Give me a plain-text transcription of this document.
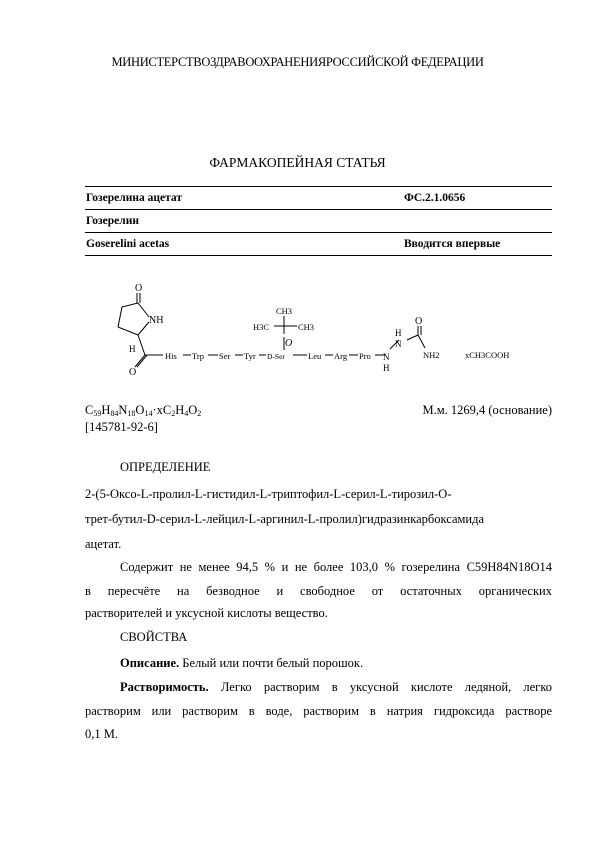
МИНИСТЕРСТВОЗДРАВООХРАНЕНИЯРОССИЙСКОЙ ФЕДЕРАЦИИ
ФАРМАКОПЕЙНАЯ СТАТЬЯ
Гозерелина ацетат	ФС.2.1.0656
Гозерелин
Goserelini acetas	Вводится впервые
O
NH
H
O
His Trp Ser Tyr D-Ser	Leu Arg Pro
H3C	CH3
CH3
O
H
N
N
H
O
NH2	xCH3COOH
$C_{59}H_{84}N_{18}O_{14}\cdot xC_2H_4O_2$	М.м. 1269,4 (основание)
[145781-92-6]
ОПРЕДЕЛЕНИЕ
2-(5-Оксо-L-пролил-L-гистидил-L-триптофил-L-серил-L-тирозил-O-
трет-бутил-D-серил-L-лейцил-L-аргинил-L-пролил)гидразинкарбоксамида
ацетат.
Содержит не менее 94,5 % и не более 103,0 % гозерелина C59H84N18O14
в пересчёте на безводное и свободное от остаточных органических
растворителей и уксусной кислоты вещество.
СВОЙСТВА
Описание. Белый или почти белый порошок.
Растворимость. Легко растворим в уксусной кислоте ледяной, легко
растворим или растворим в воде, растворим в натрия гидроксида растворе
0,1 М.
